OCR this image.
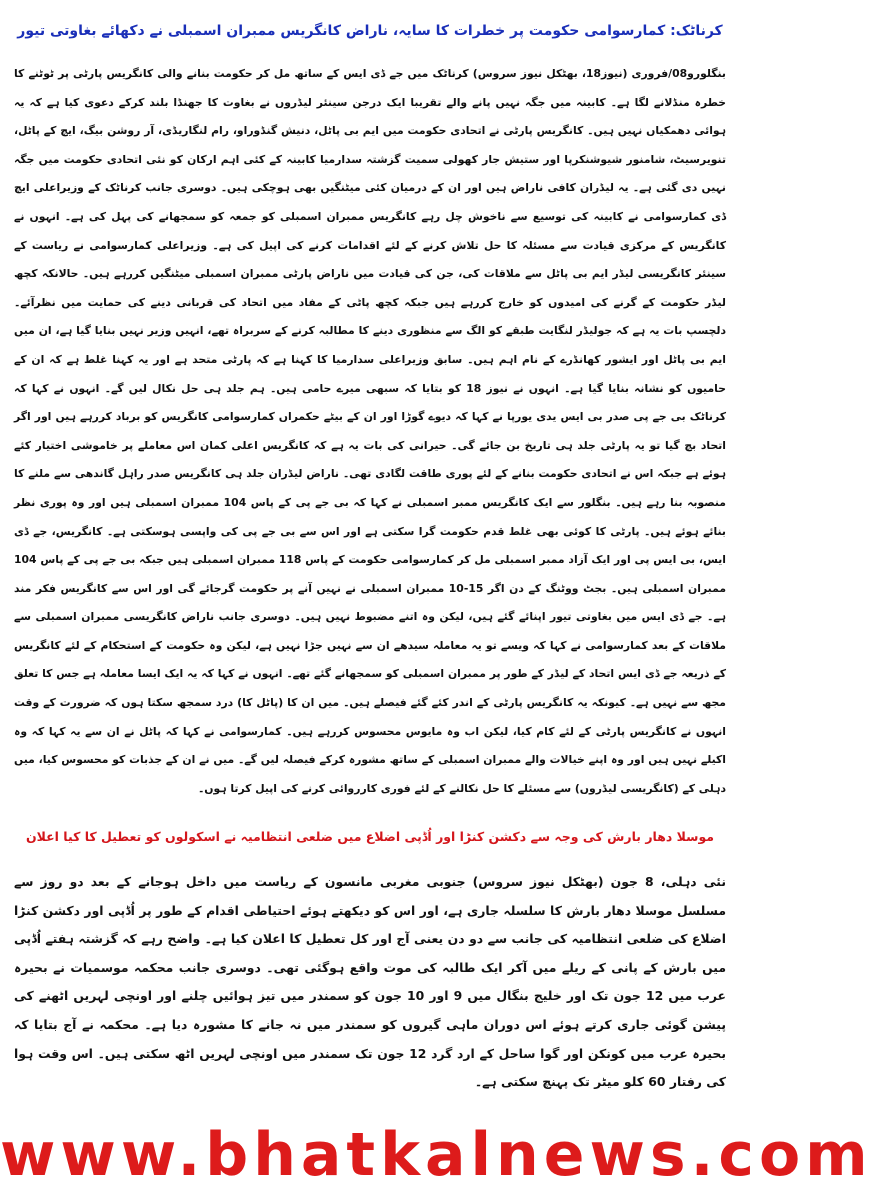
کرناٹک: کمارسوامی حکومت پر خطرات کا سایہ، ناراض کانگریس ممبران اسمبلی نے دکھائے بغاوتی تیور

بنگلورو08/فروری (نیوز18، بھٹکل نیوز سروس) کرناٹک میں جے ڈی ایس کے ساتھ مل کر حکومت بنانے والی کانگریس پارٹی پر ٹوٹنے کا خطرہ منڈلانے لگا ہے۔ کابینہ میں جگہ نہیں پانے والے تقریبا ایک درجن سینئر لیڈروں نے بغاوت کا جھنڈا بلند کرکے دعوی کیا ہے کہ یہ ہوائی دھمکیاں نہیں ہیں۔ کانگریس پارٹی نے اتحادی حکومت میں ایم بی پاٹل، دنیش گنڈوراو، رام لنگاریڈی، آر روشن بیگ، ایچ کے پاٹل، تنویرسیٹ، شامنور شیوشنکرپا اور ستیش جار کھولی سمیت گزشتہ سدارمیا کابینہ کے کئی اہم ارکان کو نئی اتحادی حکومت میں جگہ نہیں دی گئی ہے۔ یہ لیڈران کافی ناراض ہیں اور ان کے درمیان کئی میٹنگیں بھی ہوچکی ہیں۔ دوسری جانب کرناٹک کے وزیراعلی ایچ ڈی کمارسوامی نے کابینہ کی توسیع سے ناخوش چل رہے کانگریس ممبران اسمبلی کو جمعہ کو سمجھانے کی پہل کی ہے۔ انہوں نے کانگریس کے مرکزی قیادت سے مسئلہ کا حل تلاش کرنے کے لئے اقدامات کرنے کی اپیل کی ہے۔ وزیراعلی کمارسوامی نے ریاست کے سینئر کانگریسی لیڈر ایم بی پاٹل سے ملاقات کی، جن کی قیادت میں ناراض پارٹی ممبران اسمبلی میٹنگیں کررہے ہیں۔ حالانکہ کچھ لیڈر حکومت کے گرنے کی امیدوں کو خارج کررہے ہیں جبکہ کچھ پاٹی کے مفاد میں اتحاد کی قربانی دینے کی حمایت میں نظرآئے۔ دلچسپ بات یہ ہے کہ جولیڈر لنگایت طبقے کو الگ سے منظوری دینے کا مطالبہ کرنے کے سربراہ تھے، انہیں وزیر نہیں بنایا گیا ہے، ان میں ایم بی پاٹل اور ایشور کھانڈرے کے نام اہم ہیں۔ سابق وزیراعلی سدارمیا کا کہنا ہے کہ پارٹی متحد ہے اور یہ کہنا غلط ہے کہ ان کے حامیوں کو نشانہ بنایا گیا ہے۔ انہوں نے نیوز 18 کو بتایا کہ سبھی میرے حامی ہیں۔ ہم جلد ہی حل نکال لیں گے۔ انہوں نے کہا کہ کرناٹک بی جے پی صدر بی ایس یدی یورپا نے کہا کہ دیوے گوڑا اور ان کے بیٹے حکمراں کمارسوامی کانگریس کو برباد کررہے ہیں اور اگر اتحاد بچ گیا تو یہ پارٹی جلد ہی تاریخ بن جائے گی۔ حیرانی کی بات یہ ہے کہ کانگریس اعلی کمان اس معاملے پر خاموشی اختیار کئے ہوئے ہے جبکہ اس نے اتحادی حکومت بنانے کے لئے پوری طاقت لگادی تھی۔ ناراض لیڈران جلد ہی کانگریس صدر راہل گاندھی سے ملنے کا منصوبہ بنا رہے ہیں۔ بنگلور سے ایک کانگریس ممبر اسمبلی نے کہا کہ بی جے پی کے پاس 104 ممبران اسمبلی ہیں اور وہ پوری نظر بنائے ہوئے ہیں۔ پارٹی کا کوئی بھی غلط قدم حکومت گرا سکتی ہے اور اس سے بی جے پی کی واپسی ہوسکتی ہے۔ کانگریس، جے ڈی ایس، بی ایس پی اور ایک آزاد ممبر اسمبلی مل کر کمارسوامی حکومت کے پاس 118 ممبران اسمبلی ہیں جبکہ بی جے پی کے پاس 104 ممبران اسمبلی ہیں۔ بجٹ ووٹنگ کے دن اگر 15-10 ممبران اسمبلی نے نہیں آنے پر حکومت گرجائے گی اور اس سے کانگریس فکر مند ہے۔ جے ڈی ایس میں بغاوتی تیور اپنائے گئے ہیں، لیکن وہ اتنے مضبوط نہیں ہیں۔ دوسری جانب ناراض کانگریسی ممبران اسمبلی سے ملاقات کے بعد کمارسوامی نے کہا کہ ویسے تو یہ معاملہ سیدھے ان سے نہیں جڑا نہیں ہے، لیکن وہ حکومت کے استحکام کے لئے کانگریس کے ذریعہ جے ڈی ایس اتحاد کے لیڈر کے طور پر ممبران اسمبلی کو سمجھانے گئے تھے۔ انہوں نے کہا کہ یہ ایک ایسا معاملہ ہے جس کا تعلق مجھ سے نہیں ہے۔ کیونکہ یہ کانگریس پارٹی کے اندر کئے گئے فیصلے ہیں۔ میں ان کا (پاٹل کا) درد سمجھ سکتا ہوں کہ ضرورت کے وقت انہوں نے کانگریس پارٹی کے لئے کام کیا، لیکن اب وہ مایوس محسوس کررہے ہیں۔ کمارسوامی نے کہا کہ پاٹل نے ان سے یہ کہا کہ وہ اکیلے نہیں ہیں اور وہ اپنے خیالات والے ممبران اسمبلی کے ساتھ مشورہ کرکے فیصلہ لیں گے۔ میں نے ان کے جذبات کو محسوس کیا، میں دہلی کے (کانگریسی لیڈروں) سے مسئلے کا حل نکالنے کے لئے فوری کارروائی کرنے کی اپیل کرتا ہوں۔

موسلا دھار بارش کی وجہ سے دکشن کنڑا اور اُڈپی اضلاع میں ضلعی انتظامیہ نے اسکولوں کو تعطیل کا کیا اعلان

نئی دہلی، 8 جون (بھٹکل نیوز سروس) جنوبی مغربی مانسون کے ریاست میں داخل ہوجانے کے بعد دو روز سے مسلسل موسلا دھار بارش کا سلسلہ جاری ہے، اور اس کو دیکھتے ہوئے احتیاطی اقدام کے طور پر اُڈپی اور دکشن کنڑا اضلاع کی ضلعی انتظامیہ کی جانب سے دو دن یعنی آج اور کل تعطیل کا اعلان کیا ہے۔ واضح رہے کہ گزشتہ ہفتے اُڈپی میں بارش کے پانی کے ریلے میں آکر ایک طالبہ کی موت واقع ہوگئی تھی۔ دوسری جانب محکمہ موسمیات نے بحیرہ عرب میں 12 جون تک اور خلیج بنگال میں 9 اور 10 جون کو سمندر میں تیز ہوائیں چلنے اور اونچی لہریں اٹھنے کی پیشن گوئی جاری کرتے ہوئے اس دوران ماہی گیروں کو سمندر میں نہ جانے کا مشورہ دیا ہے۔ محکمہ نے آج بتایا کہ بحیرہ عرب میں کونکن اور گوا ساحل کے ارد گرد 12 جون تک سمندر میں اونچی لہریں اٹھ سکتی ہیں۔ اس وقت ہوا کی رفتار 60 کلو میٹر تک پہنچ سکتی ہے۔

www.bhatkalnews.com
